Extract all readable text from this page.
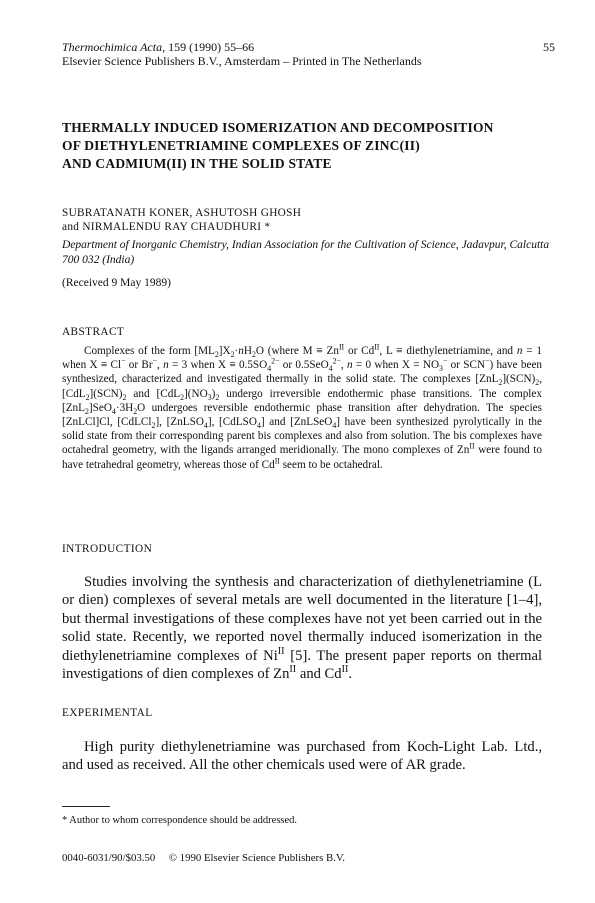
Thermochimica Acta, 159 (1990) 55–66
Elsevier Science Publishers B.V., Amsterdam – Printed in The Netherlands
55
THERMALLY INDUCED ISOMERIZATION AND DECOMPOSITION
OF DIETHYLENETRIAMINE COMPLEXES OF ZINC(II)
AND CADMIUM(II) IN THE SOLID STATE
SUBRATANATH KONER, ASHUTOSH GHOSH
and NIRMALENDU RAY CHAUDHURI *
Department of Inorganic Chemistry, Indian Association for the Cultivation of Science, Jadavpur, Calcutta 700 032 (India)
(Received 9 May 1989)
ABSTRACT
Complexes of the form $[ML_2]X_2\cdot nH_2O$ (where $M \equiv Zn^{II}$ or $Cd^{II}$, L ≡ diethylenetriamine, and n = 1 when X ≡ Cl− or Br−, n = 3 when $X \equiv 0.5SO_4^{2-}$ or 0.5SeO$_4^{2-}$, n = 0 when $X = NO_3^-$ or SCN−) have been synthesized, characterized and investigated thermally in the solid state. The complexes $[ZnL_2](SCN)_2$, $[CdL_2](SCN)_2$ and $[CdL_2](NO_3)_2$ undergo irreversible endothermic phase transitions. The complex $[ZnL_2]SeO_4\cdot 3H_2O$ undergoes reversible endothermic phase transition after dehydration. The species [ZnLCl]Cl, [CdLCl$_2$], [ZnLSO$_4$], [CdLSO$_4$] and [ZnLSeO$_4$] have been synthesized pyrolytically in the solid state from their corresponding parent bis complexes and also from solution. The bis complexes have octahedral geometry, with the ligands arranged meridionally. The mono complexes of $Zn^{II}$ were found to have tetrahedral geometry, whereas those of $Cd^{II}$ seem to be octahedral.
INTRODUCTION
Studies involving the synthesis and characterization of diethylenetriamine (L or dien) complexes of several metals are well documented in the literature [1–4], but thermal investigations of these complexes have not yet been carried out in the solid state. Recently, we reported novel thermally induced isomerization in the diethylenetriamine complexes of $Ni^{II}$ [5]. The present paper reports on thermal investigations of dien complexes of $Zn^{II}$ and $Cd^{II}$.
EXPERIMENTAL
High purity diethylenetriamine was purchased from Koch-Light Lab. Ltd., and used as received. All the other chemicals used were of AR grade.
* Author to whom correspondence should be addressed.
0040-6031/90/$03.50     © 1990 Elsevier Science Publishers B.V.
